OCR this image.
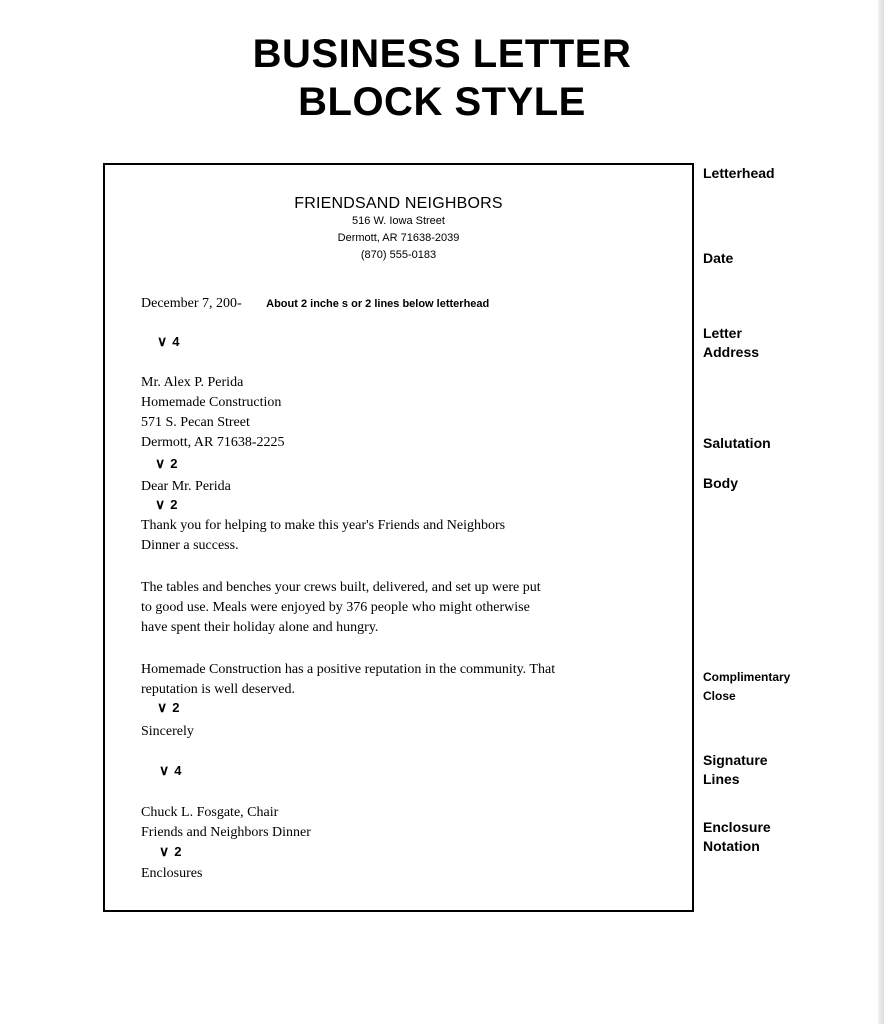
BUSINESS LETTER
BLOCK STYLE
FRIENDSAND NEIGHBORS
516 W. Iowa Street
Dermott, AR 71638-2039
(870) 555-0183
December 7, 200- About 2 inche s or 2 lines below letterhead
∨ 4
Mr. Alex P. Perida
Homemade Construction
571 S. Pecan Street
Dermott, AR 71638-2225
∨ 2
Dear Mr. Perida
∨ 2
Thank you for helping to make this year's Friends and Neighbors
Dinner a success.
The tables and benches your crews built, delivered, and set up were put
to good use. Meals were enjoyed by 376 people who might otherwise
have spent their holiday alone and hungry.
Homemade Construction has a positive reputation in the community. That
reputation is well deserved.
∨ 2
Sincerely
∨ 4
Chuck L. Fosgate, Chair
Friends and Neighbors Dinner
∨ 2
Enclosures
Letterhead
Date
Letter
Address
Salutation
Body
Complimentary
Close
Signature
Lines
Enclosure
Notation
